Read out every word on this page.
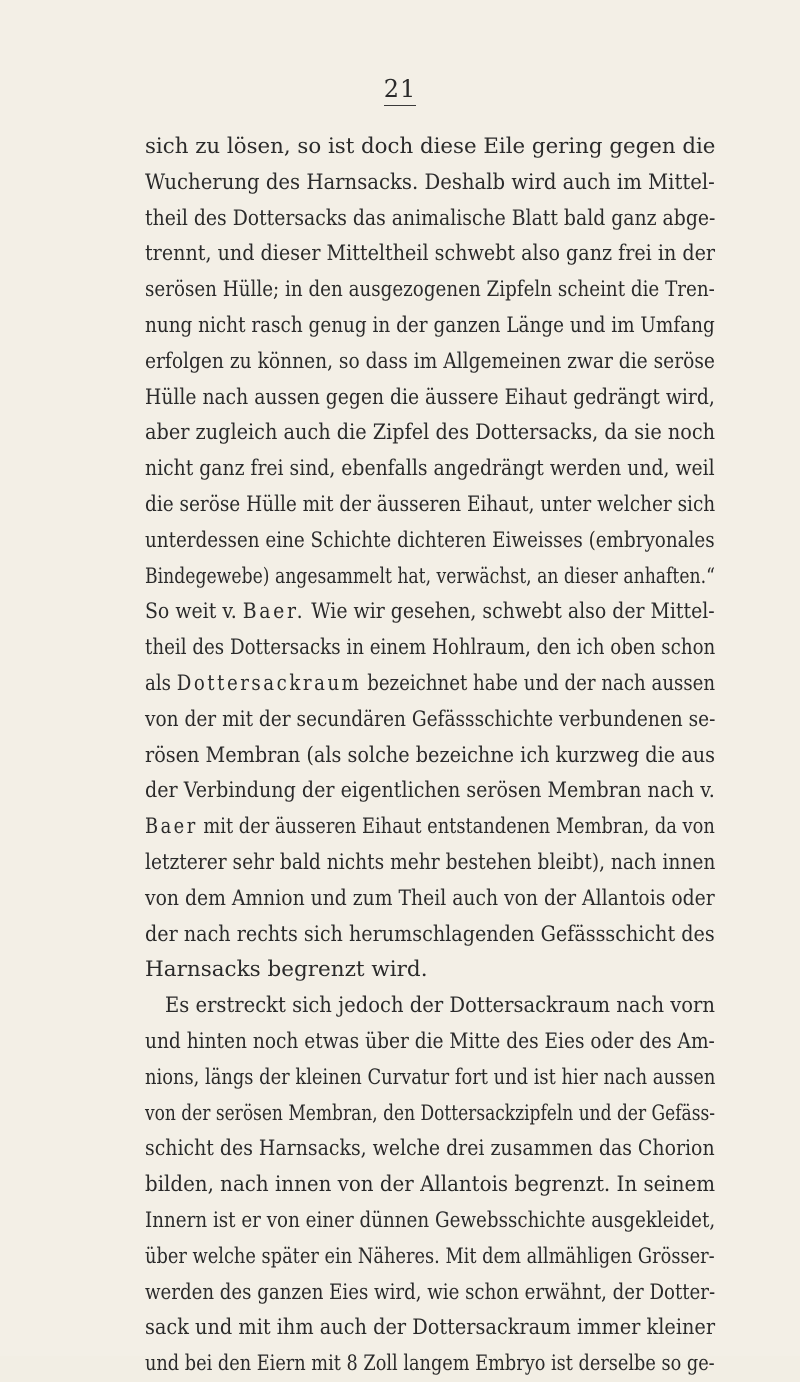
21
sich zu lösen, so ist doch diese Eile gering gegen die
Wucherung des Harnsacks. Deshalb wird auch im Mittel-
theil des Dottersacks das animalische Blatt bald ganz abge-
trennt, und dieser Mitteltheil schwebt also ganz frei in der
serösen Hülle; in den ausgezogenen Zipfeln scheint die Tren-
nung nicht rasch genug in der ganzen Länge und im Umfang
erfolgen zu können, so dass im Allgemeinen zwar die seröse
Hülle nach aussen gegen die äussere Eihaut gedrängt wird,
aber zugleich auch die Zipfel des Dottersacks, da sie noch
nicht ganz frei sind, ebenfalls angedrängt werden und, weil
die seröse Hülle mit der äusseren Eihaut, unter welcher sich
unterdessen eine Schichte dichteren Eiweisses (embryonales
Bindegewebe) angesammelt hat, verwächst, an dieser anhaften.“
So weit v. Baer. Wie wir gesehen, schwebt also der Mittel-
theil des Dottersacks in einem Hohlraum, den ich oben schon
als Dottersackraum bezeichnet habe und der nach aussen
von der mit der secundären Gefässschichte verbundenen se-
rösen Membran (als solche bezeichne ich kurzweg die aus
der Verbindung der eigentlichen serösen Membran nach v.
Baer mit der äusseren Eihaut entstandenen Membran, da von
letzterer sehr bald nichts mehr bestehen bleibt), nach innen
von dem Amnion und zum Theil auch von der Allantois oder
der nach rechts sich herumschlagenden Gefässschicht des
Harnsacks begrenzt wird.
Es erstreckt sich jedoch der Dottersackraum nach vorn
und hinten noch etwas über die Mitte des Eies oder des Am-
nions, längs der kleinen Curvatur fort und ist hier nach aussen
von der serösen Membran, den Dottersackzipfeln und der Gefäss-
schicht des Harnsacks, welche drei zusammen das Chorion
bilden, nach innen von der Allantois begrenzt. In seinem
Innern ist er von einer dünnen Gewebsschichte ausgekleidet,
über welche später ein Näheres. Mit dem allmähligen Grösser-
werden des ganzen Eies wird, wie schon erwähnt, der Dotter-
sack und mit ihm auch der Dottersackraum immer kleiner
und bei den Eiern mit 8 Zoll langem Embryo ist derselbe so ge-
